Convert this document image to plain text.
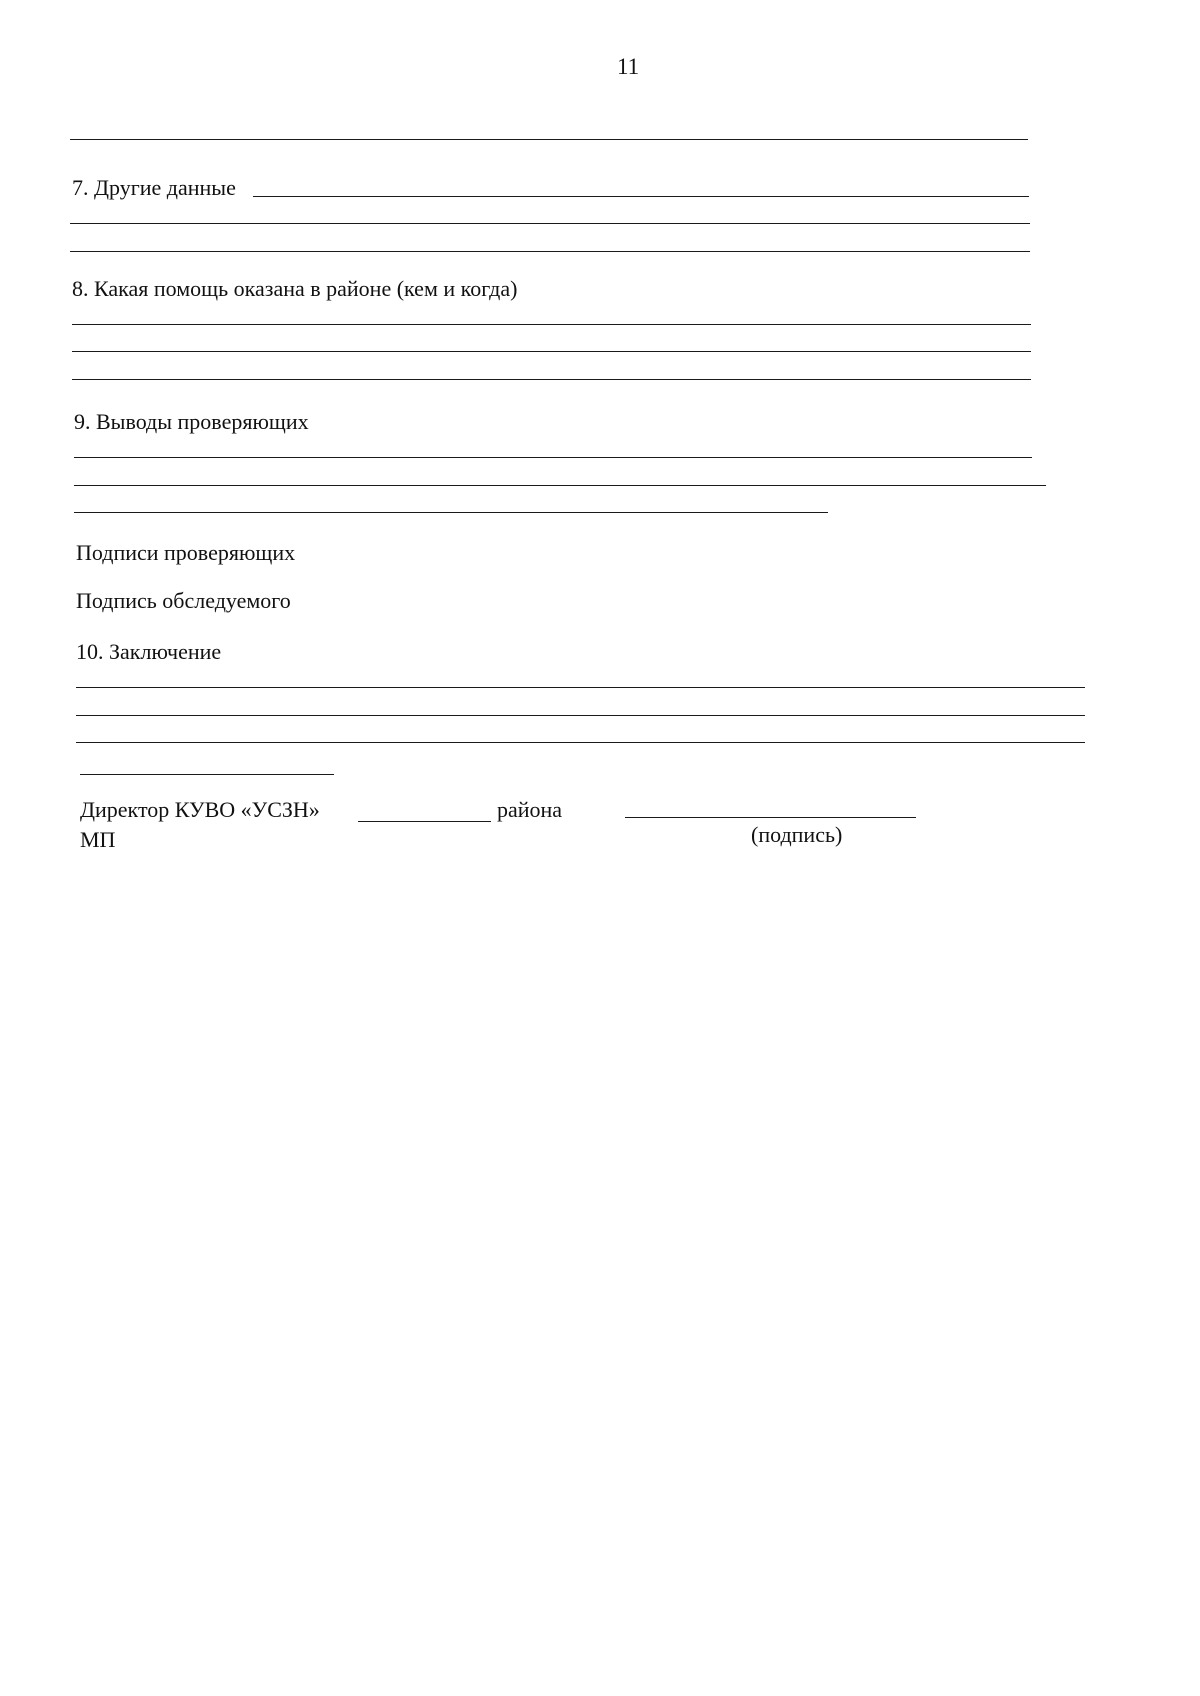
11
7. Другие данные
8. Какая помощь оказана в районе (кем и когда)
9. Выводы проверяющих
Подписи проверяющих
Подпись обследуемого
10. Заключение
Директор КУВО «УСЗН»	района
МП	(подпись)
